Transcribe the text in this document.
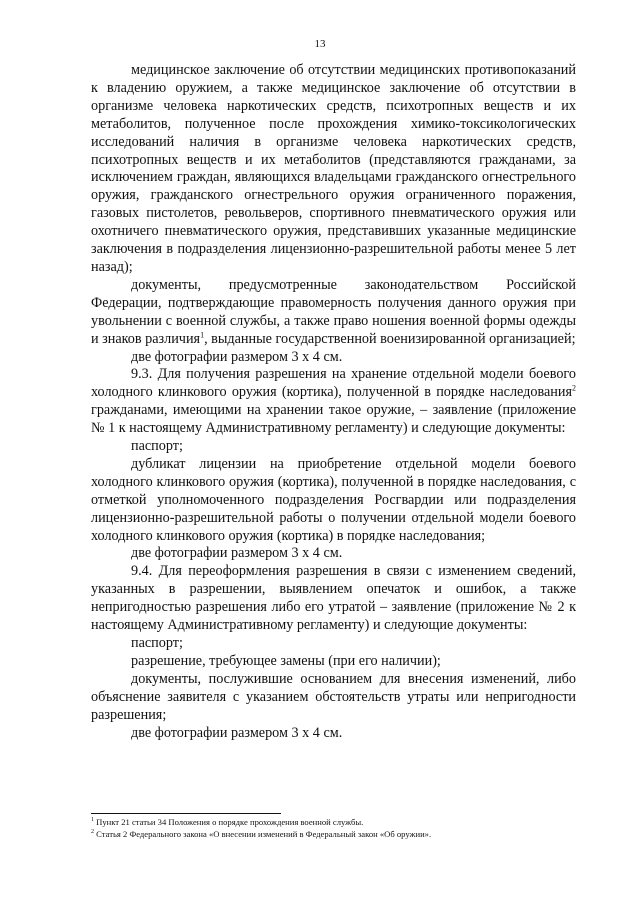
13

медицинское заключение об отсутствии медицинских противопоказаний к владению оружием, а также медицинское заключение об отсутствии в организме человека наркотических средств, психотропных веществ и их метаболитов, полученное после прохождения химико-токсикологических исследований наличия в организме человека наркотических средств, психотропных веществ и их метаболитов (представляются гражданами, за исключением граждан, являющихся владельцами гражданского огнестрельного оружия, гражданского огнестрельного оружия ограниченного поражения, газовых пистолетов, револьверов, спортивного пневматического оружия или охотничего пневматического оружия, представивших указанные медицинские заключения в подразделения лицензионно-разрешительной работы менее 5 лет назад);

документы, предусмотренные законодательством Российской Федерации, подтверждающие правомерность получения данного оружия при увольнении с военной службы, а также право ношения военной формы одежды и знаков различия$^1$, выданные государственной военизированной организацией;

две фотографии размером 3 х 4 см.

9.3. Для получения разрешения на хранение отдельной модели боевого холодного клинкового оружия (кортика), полученной в порядке наследования$^2$ гражданами, имеющими на хранении такое оружие, – заявление (приложение № 1 к настоящему Административному регламенту) и следующие документы:

паспорт;

дубликат лицензии на приобретение отдельной модели боевого холодного клинкового оружия (кортика), полученной в порядке наследования, с отметкой уполномоченного подразделения Росгвардии или подразделения лицензионно-разрешительной работы о получении отдельной модели боевого холодного клинкового оружия (кортика) в порядке наследования;

две фотографии размером 3 х 4 см.

9.4. Для переоформления разрешения в связи с изменением сведений, указанных в разрешении, выявлением опечаток и ошибок, а также непригодностью разрешения либо его утратой – заявление (приложение № 2 к настоящему Административному регламенту) и следующие документы:

паспорт;

разрешение, требующее замены (при его наличии);

документы, послужившие основанием для внесения изменений, либо объяснение заявителя с указанием обстоятельств утраты или непригодности разрешения;

две фотографии размером 3 х 4 см.

$^1$ Пункт 21 статьи 34 Положения о порядке прохождения военной службы.
$^2$ Статья 2 Федерального закона «О внесении изменений в Федеральный закон «Об оружии».
